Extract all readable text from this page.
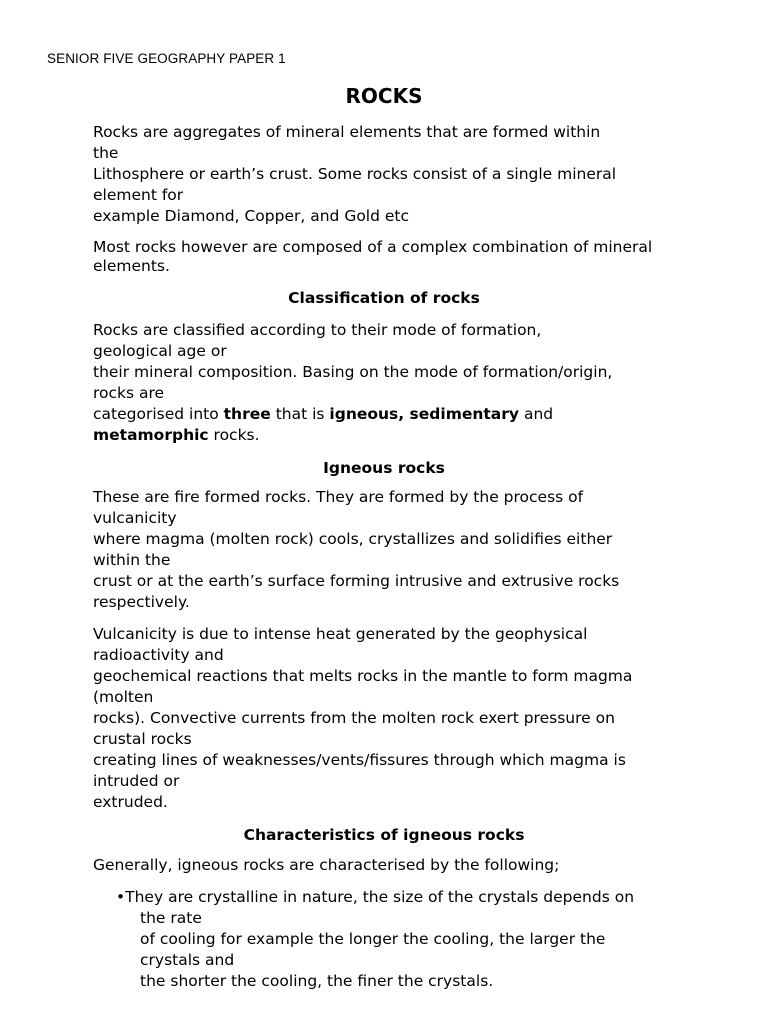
SENIOR FIVE GEOGRAPHY PAPER 1
ROCKS
Rocks are aggregates of mineral elements that are formed within
the
Lithosphere or earth’s crust. Some rocks consist of a single mineral
element for
example Diamond, Copper, and Gold etc
Most rocks however are composed of a complex combination of mineral
elements.
Classification of rocks
Rocks are classified according to their mode of formation,
geological age or
their mineral composition. Basing on the mode of formation/origin,
rocks are
categorised into three that is igneous, sedimentary and
metamorphic rocks.
Igneous rocks
These are fire formed rocks. They are formed by the process of
vulcanicity
where magma (molten rock) cools, crystallizes and solidifies either
within the
crust or at the earth’s surface forming intrusive and extrusive rocks
respectively.
Vulcanicity is due to intense heat generated by the geophysical
radioactivity and
geochemical reactions that melts rocks in the mantle to form magma
(molten
rocks). Convective currents from the molten rock exert pressure on
crustal rocks
creating lines of weaknesses/vents/fissures through which magma is
intruded or
extruded.
Characteristics of igneous rocks
Generally, igneous rocks are characterised by the following;
•They are crystalline in nature, the size of the crystals depends on
the rate
of cooling for example the longer the cooling, the larger the
crystals and
the shorter the cooling, the finer the crystals.
